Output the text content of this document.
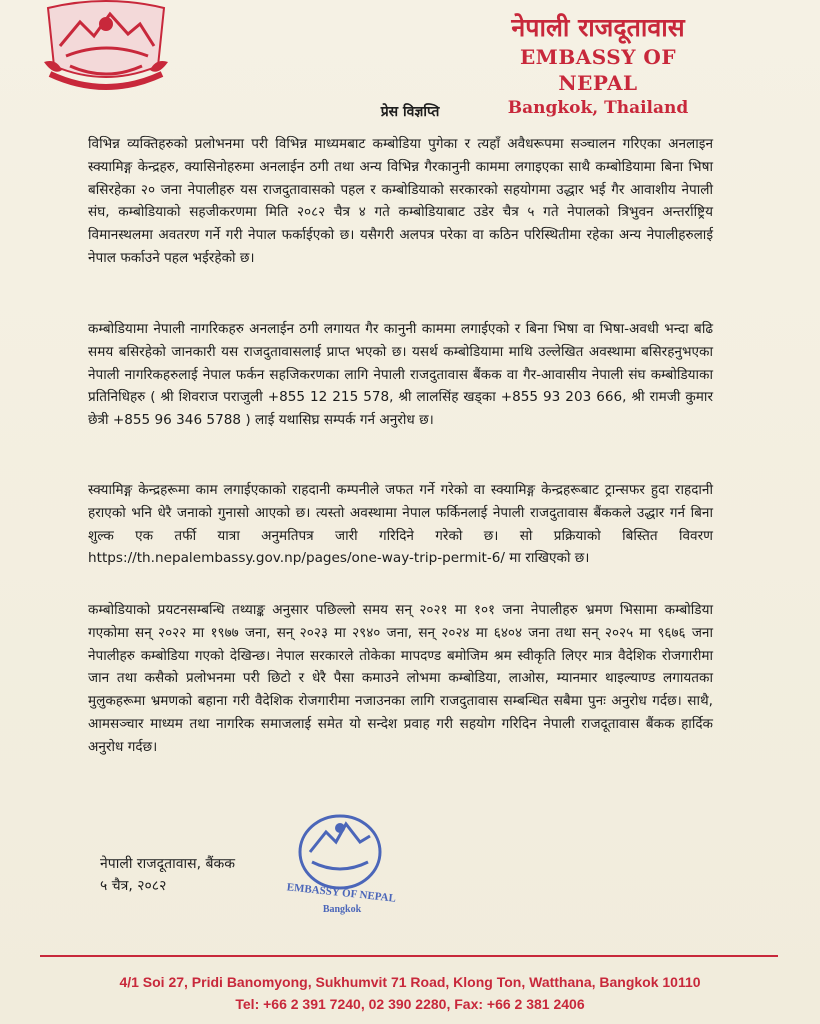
नेपाली राजदूतावास
EMBASSY OF NEPAL
Bangkok, Thailand
प्रेस विज्ञप्ति

विभिन्न व्यक्तिहरुको प्रलोभनमा परी विभिन्न माध्यमबाट कम्बोडिया पुगेका र त्यहाँ अवैधरूपमा सञ्चालन गरिएका अनलाइन स्क्यामिङ्ग केन्द्रहरु, क्यासिनोहरुमा अनलाईन ठगी तथा अन्य विभिन्न गैरकानुनी काममा लगाइएका साथै कम्बोडियामा बिना भिषा बसिरहेका २० जना नेपालीहरु यस राजदुतावासको पहल र कम्बोडियाको सरकारको सहयोगमा उद्धार भई गैर आवाशीय नेपाली संघ, कम्बोडियाको सहजीकरणमा मिति २०८२ चैत्र ४ गते कम्बोडियाबाट उडेर चैत्र ५ गते नेपालको त्रिभुवन अन्तर्राष्ट्रिय विमानस्थलमा अवतरण गर्ने गरी नेपाल फर्काईएको छ। यसैगरी अलपत्र परेका वा कठिन परिस्थितीमा रहेका अन्य नेपालीहरुलाई नेपाल फर्काउने पहल भईरहेको छ।

कम्बोडियामा नेपाली नागरिकहरु अनलाईन ठगी लगायत गैर कानुनी काममा लगाईएको र बिना भिषा वा भिषा-अवधी भन्दा बढि समय बसिरहेको जानकारी यस राजदुतावासलाई प्राप्त भएको छ। यसर्थ कम्बोडियामा माथि उल्लेखित अवस्थामा बसिरहनुभएका नेपाली नागरिकहरुलाई नेपाल फर्कन सहजिकरणका लागि नेपाली राजदुतावास बैंकक वा गैर-आवासीय नेपाली संघ कम्बोडियाका प्रतिनिधिहरु ( श्री शिवराज पराजुली +855 12 215 578, श्री लालसिंह खड्का +855 93 203 666, श्री रामजी कुमार छेत्री +855 96 346 5788 ) लाई यथासिघ्र सम्पर्क गर्न अनुरोध छ।

स्क्यामिङ्ग केन्द्रहरूमा काम लगाईएकाको राहदानी कम्पनीले जफत गर्ने गरेको वा स्क्यामिङ्ग केन्द्रहरूबाट ट्रान्सफर हुदा राहदानी हराएको भनि धेरै जनाको गुनासो आएको छ। त्यस्तो अवस्थामा नेपाल फर्किनलाई नेपाली राजदुतावास बैंककले उद्धार गर्न बिना शुल्क एक तर्फी यात्रा अनुमतिपत्र जारी गरिदिने गरेको छ। सो प्रक्रियाको बिस्तित विवरण https://th.nepalembassy.gov.np/pages/one-way-trip-permit-6/ मा राखिएको छ।

कम्बोडियाको प्रयटनसम्बन्धि तथ्याङ्क अनुसार पछिल्लो समय सन् २०२१ मा १०१ जना नेपालीहरु भ्रमण भिसामा कम्बोडिया गएकोमा सन् २०२२ मा १९७७ जना, सन् २०२३ मा २९४० जना, सन् २०२४ मा ६४०४ जना तथा सन् २०२५ मा ९६७६ जना नेपालीहरु कम्बोडिया गएको देखिन्छ। नेपाल सरकारले तोकेका मापदण्ड बमोजिम श्रम स्वीकृति लिएर मात्र वैदेशिक रोजगारीमा जान तथा कसैको प्रलोभनमा परी छिटो र धेरै पैसा कमाउने लोभमा कम्बोडिया, लाओस, म्यानमार थाइल्याण्ड लगायतका मुलुकहरूमा भ्रमणको बहाना गरी वैदेशिक रोजगारीमा नजाउनका लागि राजदुतावास सम्बन्धित सबैमा पुनः अनुरोध गर्दछ। साथै, आमसञ्चार माध्यम तथा नागरिक समाजलाई समेत यो सन्देश प्रवाह गरी सहयोग गरिदिन नेपाली राजदूतावास बैंकक हार्दिक अनुरोध गर्दछ।

नेपाली राजदूतावास, बैंकक
५ चैत्र, २०८२	EMBASSY OF NEPAL
Bangkok
4/1 Soi 27, Pridi Banomyong, Sukhumvit 71 Road, Klong Ton, Watthana, Bangkok 10110
Tel: +66 2 391 7240, 02 390 2280, Fax: +66 2 381 2406
